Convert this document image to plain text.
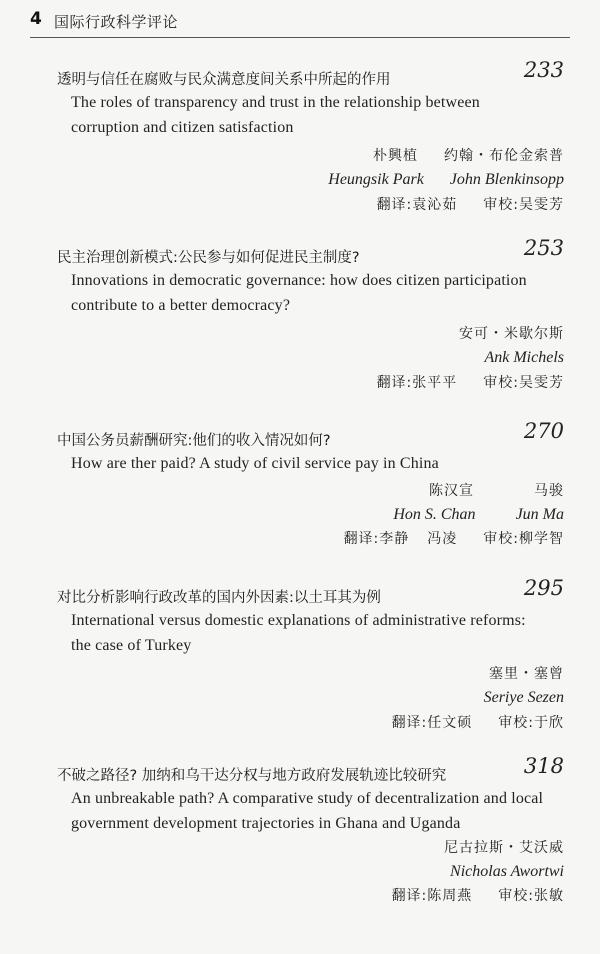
4 国际行政科学评论
透明与信任在腐败与民众满意度间关系中所起的作用	233
The roles of transparency and trust in the relationship between
corruption and citizen satisfaction
朴興植 约翰・布伦金索普
Heungsik Park John Blenkinsopp
翻译:袁沁茹 审校:吴雯芳
民主治理创新模式:公民参与如何促进民主制度?	253
Innovations in democratic governance: how does citizen participation
contribute to a better democracy?
安可・米歇尔斯
Ank Michels
翻译:张平平 审校:吴雯芳
中国公务员薪酬研究:他们的收入情况如何?	270
How are ther paid? A study of civil service pay in China
陈汉宣	马骏
Hon S. Chan	Jun Ma
翻译:李静 冯凌 审校:柳学智
对比分析影响行政改革的国内外因素:以土耳其为例	295
International versus domestic explanations of administrative reforms:
the case of Turkey
塞里・塞曾
Seriye Sezen
翻译:任文硕 审校:于欣
不破之路径? 加纳和乌干达分权与地方政府发展轨迹比较研究	318
An unbreakable path? A comparative study of decentralization and local
government development trajectories in Ghana and Uganda
尼古拉斯・艾沃威
Nicholas Awortwi
翻译:陈周燕 审校:张敏
